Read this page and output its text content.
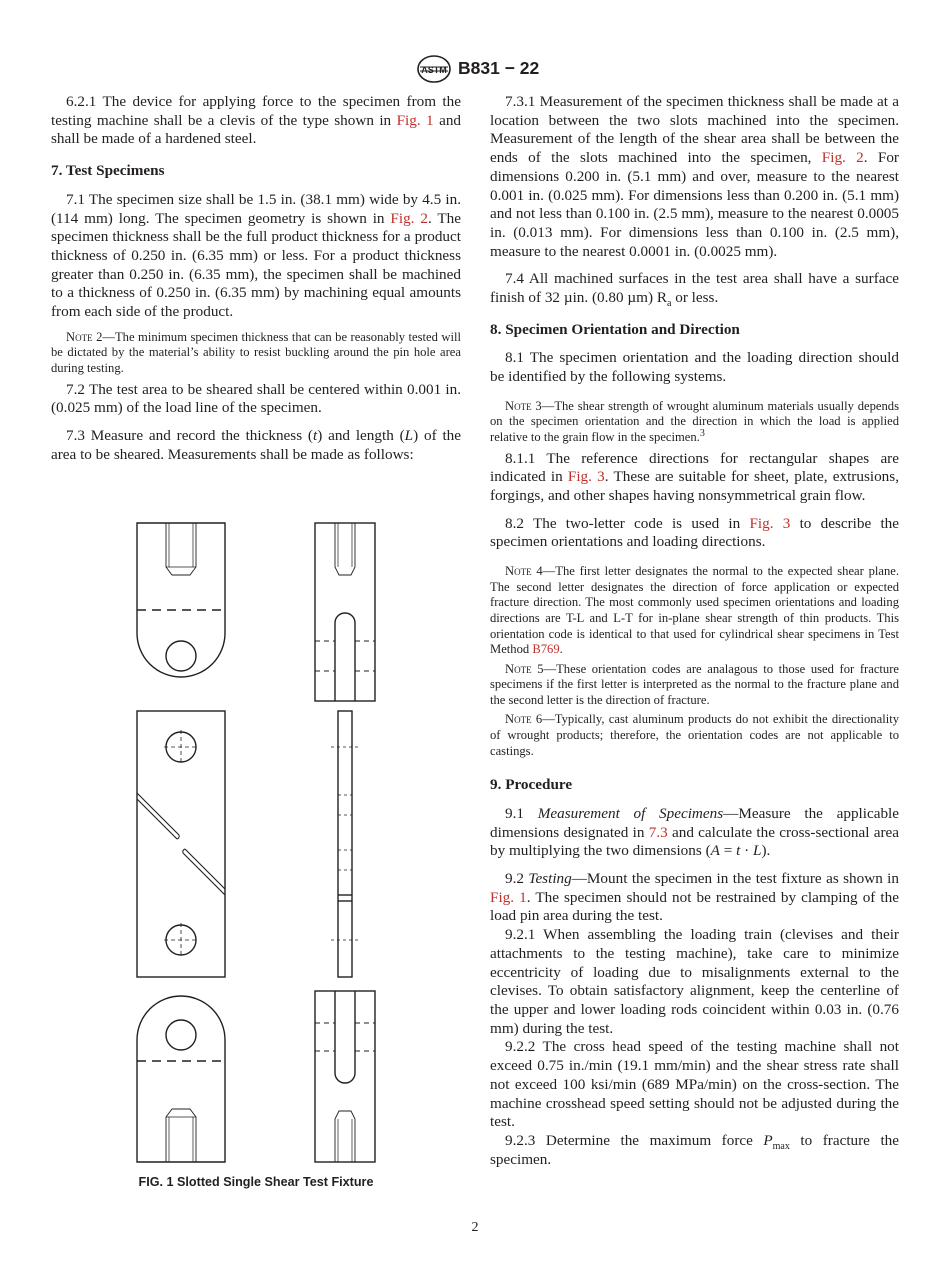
ASTM B831 − 22

6.2.1 The device for applying force to the specimen from the testing machine shall be a clevis of the type shown in Fig. 1 and shall be made of a hardened steel.

7. Test Specimens

7.1 The specimen size shall be 1.5 in. (38.1 mm) wide by 4.5 in. (114 mm) long. The specimen geometry is shown in Fig. 2. The specimen thickness shall be the full product thickness for a product thickness of 0.250 in. (6.35 mm) or less. For a product thickness greater than 0.250 in. (6.35 mm), the specimen shall be machined to a thickness of 0.250 in. (6.35 mm) by machining equal amounts from each side of the product.

Note 2—The minimum specimen thickness that can be reasonably tested will be dictated by the material’s ability to resist buckling around the pin hole area during testing.

7.2 The test area to be sheared shall be centered within 0.001 in. (0.025 mm) of the load line of the specimen.

7.3 Measure and record the thickness (t) and length (L) of the area to be sheared. Measurements shall be made as follows:

FIG. 1 Slotted Single Shear Test Fixture

7.3.1 Measurement of the specimen thickness shall be made at a location between the two slots machined into the specimen. Measurement of the length of the shear area shall be between the ends of the slots machined into the specimen, Fig. 2. For dimensions 0.200 in. (5.1 mm) and over, measure to the nearest 0.001 in. (0.025 mm). For dimensions less than 0.200 in. (5.1 mm) and not less than 0.100 in. (2.5 mm), measure to the nearest 0.0005 in. (0.013 mm). For dimensions less than 0.100 in. (2.5 mm), measure to the nearest 0.0001 in. (0.0025 mm).

7.4 All machined surfaces in the test area shall have a surface finish of 32 µin. (0.80 µm) $R_a$ or less.

8. Specimen Orientation and Direction

8.1 The specimen orientation and the loading direction should be identified by the following systems.

Note 3—The shear strength of wrought aluminum materials usually depends on the specimen orientation and the direction in which the load is applied relative to the grain flow in the specimen.$^3$

8.1.1 The reference directions for rectangular shapes are indicated in Fig. 3. These are suitable for sheet, plate, extrusions, forgings, and other shapes having nonsymmetrical grain flow.

8.2 The two-letter code is used in Fig. 3 to describe the specimen orientations and loading directions.

Note 4—The first letter designates the normal to the expected shear plane. The second letter designates the direction of force application or expected fracture direction. The most commonly used specimen orientations and loading directions are T-L and L-T for in-plane shear strength of thin products. This orientation code is identical to that used for cylindrical shear specimens in Test Method B769.

Note 5—These orientation codes are analagous to those used for fracture specimens if the first letter is interpreted as the normal to the fracture plane and the second letter is the direction of fracture.

Note 6—Typically, cast aluminum products do not exhibit the directionality of wrought products; therefore, the orientation codes are not applicable to castings.

9. Procedure

9.1 Measurement of Specimens—Measure the applicable dimensions designated in 7.3 and calculate the cross-sectional area by multiplying the two dimensions (A = t · L).

9.2 Testing—Mount the specimen in the test fixture as shown in Fig. 1. The specimen should not be restrained by clamping of the load pin area during the test.

9.2.1 When assembling the loading train (clevises and their attachments to the testing machine), take care to minimize eccentricity of loading due to misalignments external to the clevises. To obtain satisfactory alignment, keep the centerline of the upper and lower loading rods coincident within 0.03 in. (0.76 mm) during the test.

9.2.2 The cross head speed of the testing machine shall not exceed 0.75 in./min (19.1 mm/min) and the shear stress rate shall not exceed 100 ksi/min (689 MPa/min) on the cross-section. The machine crosshead speed setting should not be adjusted during the test.

9.2.3 Determine the maximum force $P_{max}$ to fracture the specimen.

2
